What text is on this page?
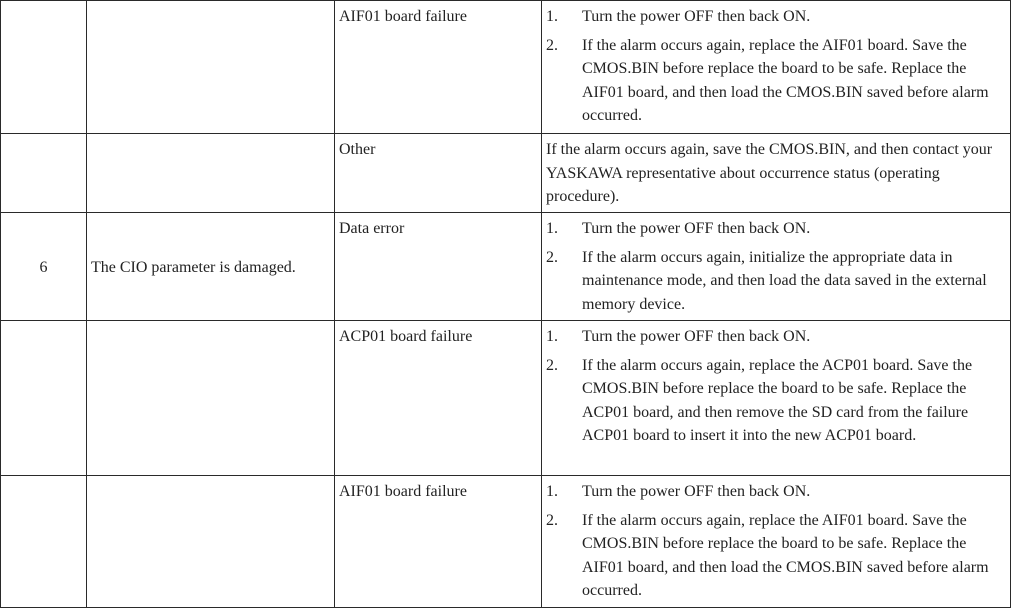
		AIF01 board failure	1. Turn the power OFF then back ON.
2. If the alarm occurs again, replace the AIF01 board. Save the CMOS.BIN before replace the board to be safe. Replace the AIF01 board, and then load the CMOS.BIN saved before alarm occurred.

		Other	If the alarm occurs again, save the CMOS.BIN, and then contact your YASKAWA representative about occurrence status (operating procedure).

6	The CIO parameter is damaged.	Data error	1. Turn the power OFF then back ON.
2. If the alarm occurs again, initialize the appropriate data in maintenance mode, and then load the data saved in the external memory device.

		ACP01 board failure	1. Turn the power OFF then back ON.
2. If the alarm occurs again, replace the ACP01 board. Save the CMOS.BIN before replace the board to be safe. Replace the ACP01 board, and then remove the SD card from the failure ACP01 board to insert it into the new ACP01 board.

		AIF01 board failure	1. Turn the power OFF then back ON.
2. If the alarm occurs again, replace the AIF01 board. Save the CMOS.BIN before replace the board to be safe. Replace the AIF01 board, and then load the CMOS.BIN saved before alarm occurred.
